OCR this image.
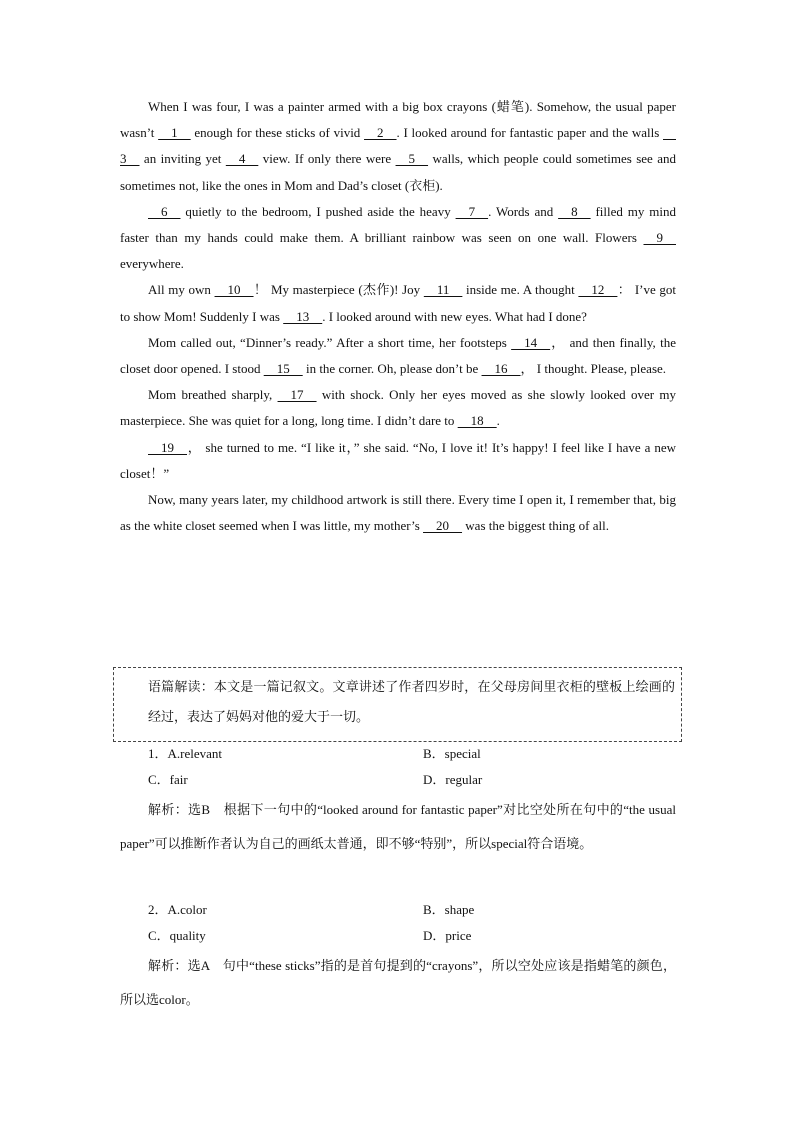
When I was four, I was a painter armed with a big box crayons (蜡笔). Somehow, the usual paper wasn’t   1   enough for these sticks of vivid   2  . I looked around for fantastic paper and the walls   3   an inviting yet   4   view. If only there were   5   walls, which people could sometimes see and sometimes not, like the ones in Mom and Dad’s closet (衣柜).

  6   quietly to the bedroom, I pushed aside the heavy   7  . Words and   8   filled my mind faster than my hands could make them. A brilliant rainbow was seen on one wall. Flowers   9   everywhere.

All my own   10  ！ My masterpiece (杰作)! Joy   11   inside me. A thought   12  ： I’ve got to show Mom! Suddenly I was   13  . I looked around with new eyes. What had I done?

Mom called out, “Dinner’s ready.” After a short time, her footsteps   14  ， and then finally, the closet door opened. I stood   15   in the corner. Oh, please don’t be   16  ， I thought. Please, please.

Mom breathed sharply,   17   with shock. Only her eyes moved as she slowly looked over my masterpiece. She was quiet for a long, long time. I didn’t dare to   18  .

  19  ， she turned to me. “I like it，” she said. “No, I love it! It’s happy! I feel like I have a new closet！”

Now, many years later, my childhood artwork is still there. Every time I open it, I remember that, big as the white closet seemed when I was little, my mother’s   20   was the biggest thing of all.

语篇解读：本文是一篇记叙文。文章讲述了作者四岁时，在父母房间里衣柜的壁板上绘画的经过，表达了妈妈对他的爱大于一切。

1．A.relevant	B．special
C．fair	D．regular

解析：选B　根据下一句中的“looked around for fantastic paper”对比空处所在句中的“the usual paper”可以推断作者认为自己的画纸太普通，即不够“特别”，所以special符合语境。

2．A.color	B．shape
C．quality	D．price

解析：选A　句中“these sticks”指的是首句提到的“crayons”，所以空处应该是指蜡笔的颜色，所以选color。
